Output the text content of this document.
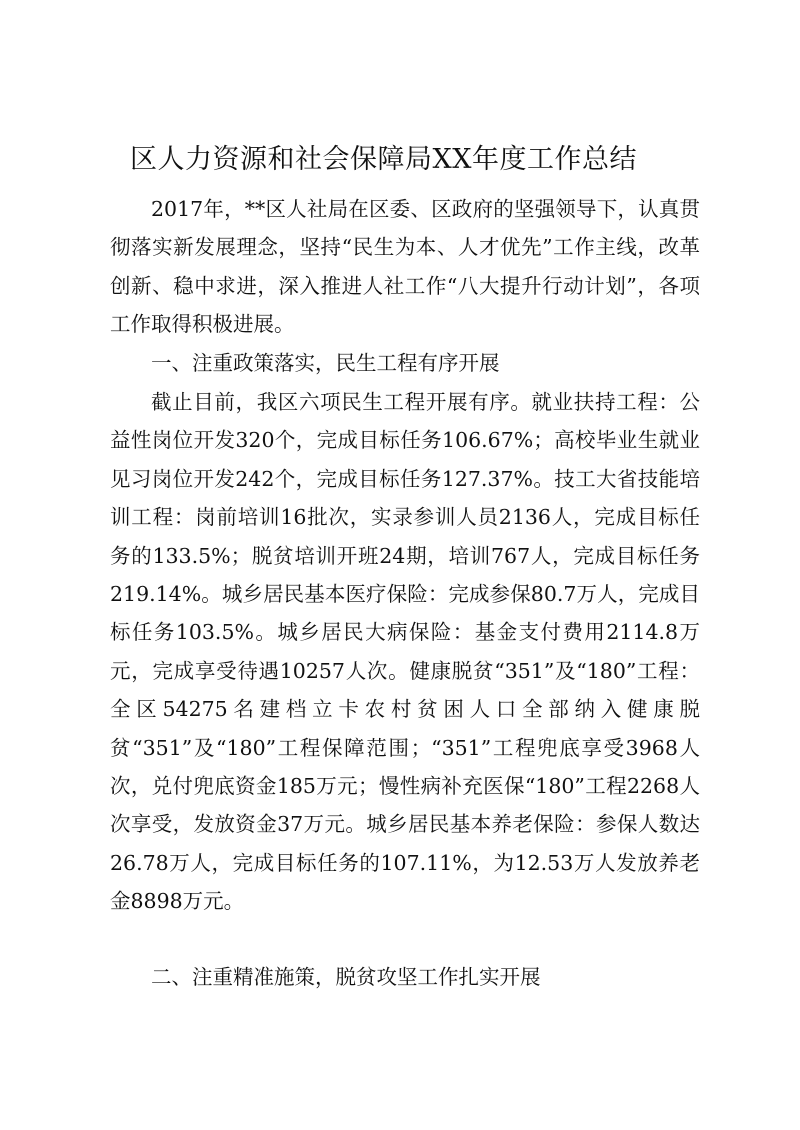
区人力资源和社会保障局XX年度工作总结

2017年，**区人社局在区委、区政府的坚强领导下，认真贯彻落实新发展理念，坚持“民生为本、人才优先”工作主线，改革创新、稳中求进，深入推进人社工作“八大提升行动计划”，各项工作取得积极进展。

一、注重政策落实，民生工程有序开展

截止目前，我区六项民生工程开展有序。就业扶持工程：公益性岗位开发320个，完成目标任务106.67%；高校毕业生就业见习岗位开发242个，完成目标任务127.37%。技工大省技能培训工程：岗前培训16批次，实录参训人员2136人，完成目标任务的133.5%；脱贫培训开班24期，培训767人，完成目标任务219.14%。城乡居民基本医疗保险：完成参保80.7万人，完成目标任务103.5%。城乡居民大病保险：基金支付费用2114.8万元，完成享受待遇10257人次。健康脱贫“351”及“180”工程：全区54275名建档立卡农村贫困人口全部纳入健康脱贫“351”及“180”工程保障范围；“351”工程兜底享受3968人次，兑付兜底资金185万元；慢性病补充医保“180”工程2268人次享受，发放资金37万元。城乡居民基本养老保险：参保人数达26.78万人，完成目标任务的107.11%，为12.53万人发放养老金8898万元。

二、注重精准施策，脱贫攻坚工作扎实开展
